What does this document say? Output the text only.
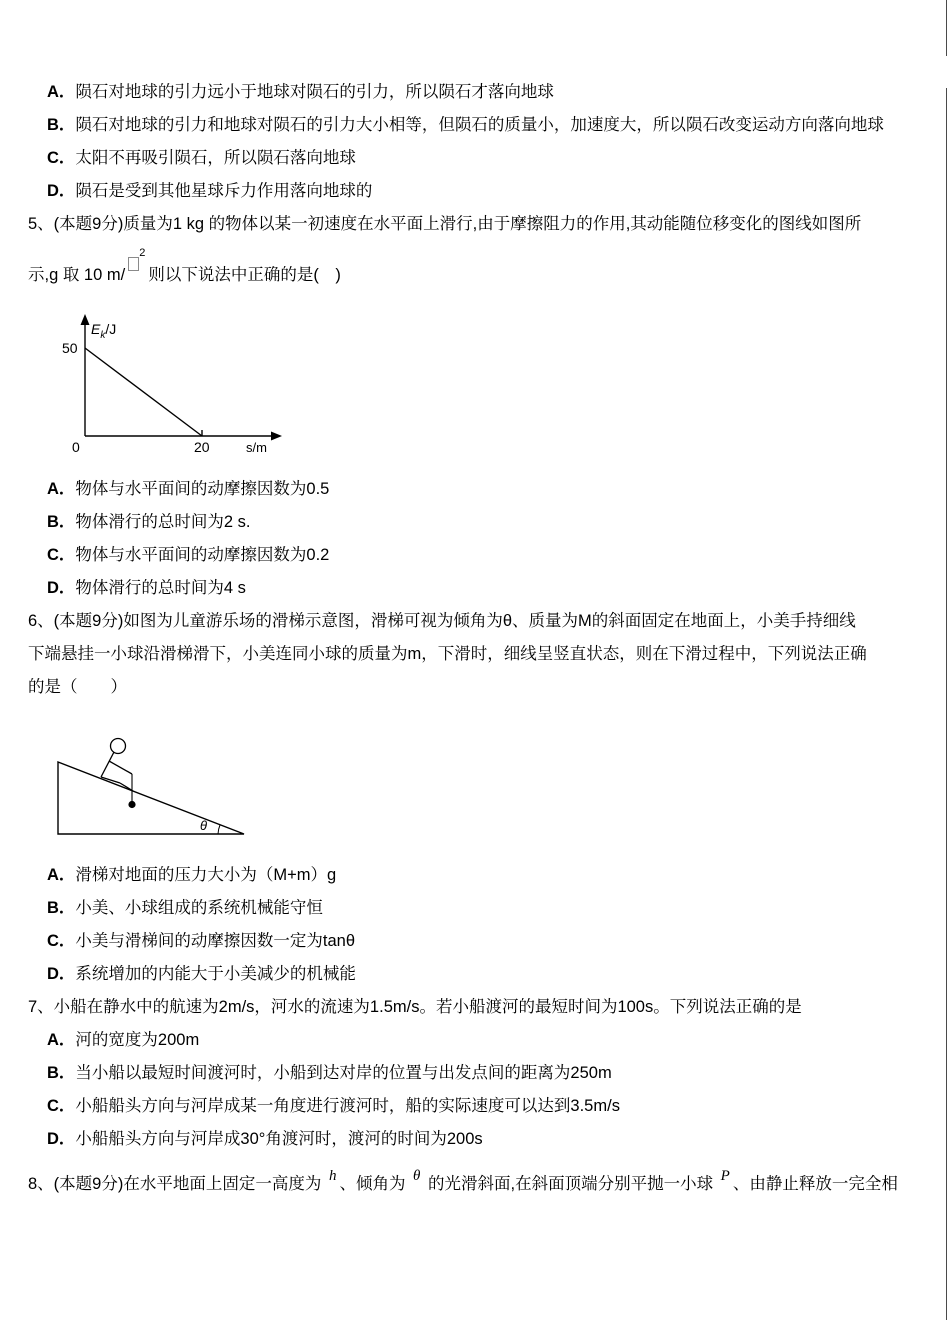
A． 陨石对地球的引力远小于地球对陨石的引力，所以陨石才落向地球
B． 陨石对地球的引力和地球对陨石的引力大小相等，但陨石的质量小，加速度大，所以陨石改变运动方向落向地球
C． 太阳不再吸引陨石，所以陨石落向地球
D． 陨石是受到其他星球斥力作用落向地球的
5、(本题9分)质量为1 kg 的物体以某一初速度在水平面上滑行,由于摩擦阻力的作用,其动能随位移变化的图线如图所
示,g 取 10 m/$^2$则以下说法中正确的是(　)
$E_k/J$
50
0	20	s/m
A． 物体与水平面间的动摩擦因数为0.5
B． 物体滑行的总时间为2 s.
C． 物体与水平面间的动摩擦因数为0.2
D． 物体滑行的总时间为4 s
6、(本题9分)如图为儿童游乐场的滑梯示意图，滑梯可视为倾角为θ、质量为M的斜面固定在地面上，小美手持细线
下端悬挂一小球沿滑梯滑下，小美连同小球的质量为m，下滑时，细线呈竖直状态，则在下滑过程中，下列说法正确
的是（　　）
θ
A． 滑梯对地面的压力大小为（M+m）g
B． 小美、小球组成的系统机械能守恒
C． 小美与滑梯间的动摩擦因数一定为tanθ
D． 系统增加的内能大于小美减少的机械能
7、小船在静水中的航速为2m/s，河水的流速为1.5m/s。若小船渡河的最短时间为100s。下列说法正确的是
A． 河的宽度为200m
B． 当小船以最短时间渡河时，小船到达对岸的位置与出发点间的距离为250m
C． 小船船头方向与河岸成某一角度进行渡河时，船的实际速度可以达到3.5m/s
D． 小船船头方向与河岸成30°角渡河时，渡河的时间为200s
8、(本题9分)在水平地面上固定一高度为 h 、倾角为 θ 的光滑斜面,在斜面顶端分别平抛一小球 P 、由静止释放一完全相
